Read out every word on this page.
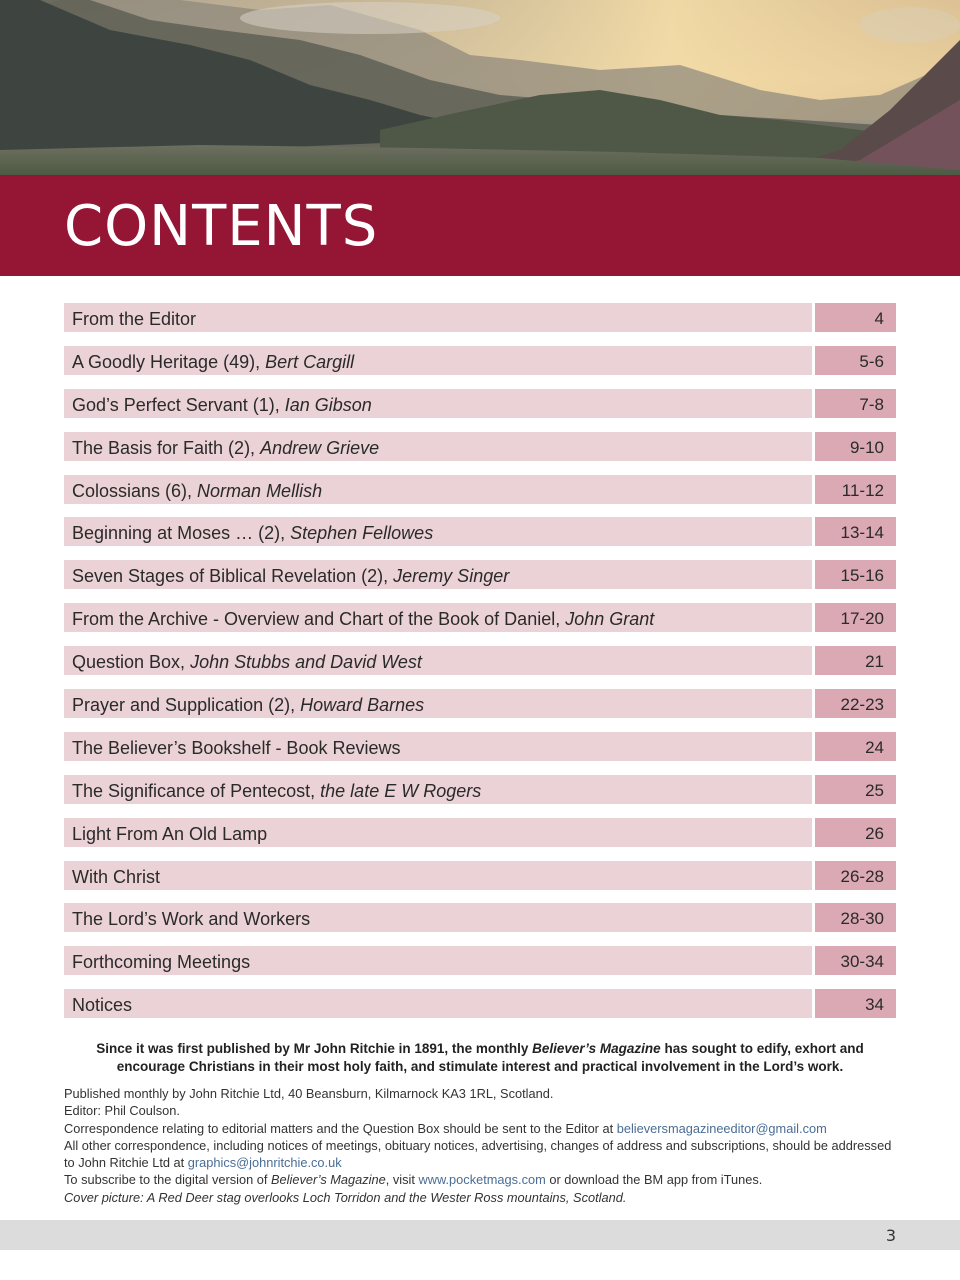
CONTENTS
From the Editor	4
A Goodly Heritage (49), Bert Cargill	5-6
God’s Perfect Servant (1), Ian Gibson	7-8
The Basis for Faith (2), Andrew Grieve	9-10
Colossians (6), Norman Mellish	11-12
Beginning at Moses … (2), Stephen Fellowes	13-14
Seven Stages of Biblical Revelation (2), Jeremy Singer	15-16
From the Archive - Overview and Chart of the Book of Daniel, John Grant	17-20
Question Box, John Stubbs and David West	21
Prayer and Supplication (2), Howard Barnes	22-23
The Believer’s Bookshelf - Book Reviews	24
The Significance of Pentecost, the late E W Rogers	25
Light From An Old Lamp	26
With Christ	26-28
The Lord’s Work and Workers	28-30
Forthcoming Meetings	30-34
Notices	34
Since it was first published by Mr John Ritchie in 1891, the monthly Believer’s Magazine has sought to edify, exhort and encourage Christians in their most holy faith, and stimulate interest and practical involvement in the Lord’s work.

Published monthly by John Ritchie Ltd, 40 Beansburn, Kilmarnock KA3 1RL, Scotland.

Editor: Phil Coulson.

Correspondence relating to editorial matters and the Question Box should be sent to the Editor at believersmagazineeditor@gmail.com

All other correspondence, including notices of meetings, obituary notices, advertising, changes of address and subscriptions, should be addressed to John Ritchie Ltd at graphics@johnritchie.co.uk

To subscribe to the digital version of Believer’s Magazine, visit www.pocketmags.com or download the BM app from iTunes.

Cover picture: A Red Deer stag overlooks Loch Torridon and the Wester Ross mountains, Scotland.

3
